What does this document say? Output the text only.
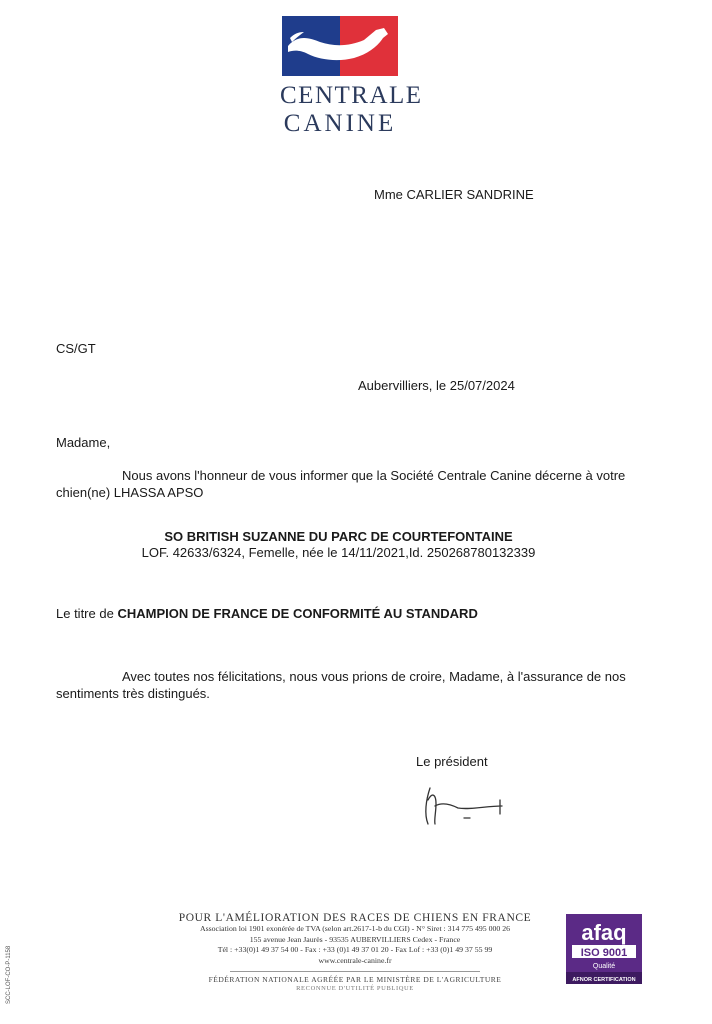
CENTRALE
CANINE
Mme CARLIER SANDRINE
CS/GT
Aubervilliers, le 25/07/2024
Madame,
Nous avons l'honneur de vous informer que la Société Centrale Canine décerne à votre chien(ne) LHASSA APSO
SO BRITISH SUZANNE DU PARC DE COURTEFONTAINE
LOF. 42633/6324, Femelle, née le 14/11/2021,Id. 250268780132339
Le titre de CHAMPION DE FRANCE DE CONFORMITÉ AU STANDARD
Avec toutes nos félicitations, nous vous prions de croire, Madame, à l'assurance de nos sentiments très distingués.
Le président
POUR L'AMÉLIORATION DES RACES DE CHIENS EN FRANCE
Association loi 1901 exonérée de TVA (selon art.2617-1-b du CGI) - N° Siret : 314 775 495 000 26
155 avenue Jean Jaurès - 93535 AUBERVILLIERS Cedex - France
Tél : +33(0)1 49 37 54 00 - Fax : +33 (0)1 49 37 01 20 - Fax Lof : +33 (0)1 49 37 55 99
www.centrale-canine.fr
FÉDÉRATION NATIONALE AGRÉÉE PAR LE MINISTÈRE DE L'AGRICULTURE
RECONNUE D'UTILITÉ PUBLIQUE
afaq
ISO 9001
Qualité
AFNOR CERTIFICATION
SCC-LOF-CO-P-1158
